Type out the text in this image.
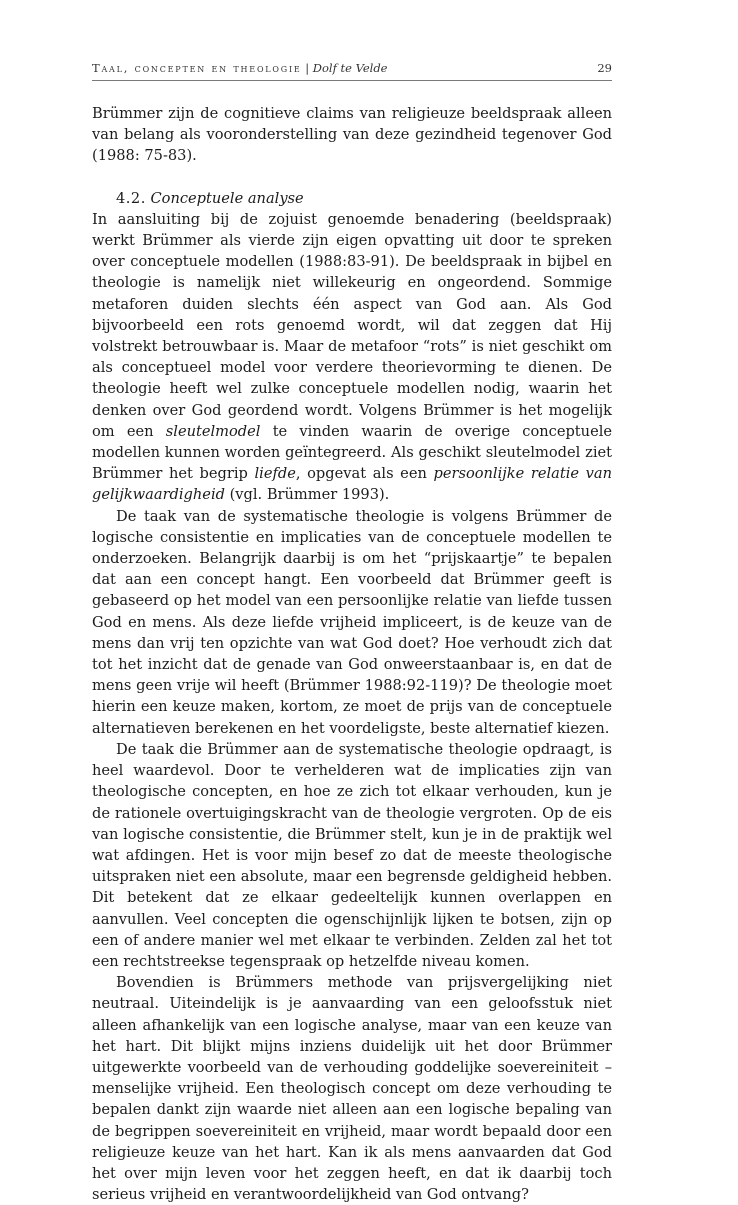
Taal, concepten en theologie | Dolf te Velde	29

Brümmer zijn de cognitieve claims van religieuze beeldspraak alleen van belang als vooronderstelling van deze gezindheid tegenover God (1988: 75-83).

4.2. Conceptuele analyse

In aansluiting bij de zojuist genoemde benadering (beeldspraak) werkt Brümmer als vierde zijn eigen opvatting uit door te spreken over conceptuele modellen (1988:83-91). De beeldspraak in bijbel en theologie is namelijk niet willekeurig en ongeordend. Sommige metaforen duiden slechts één aspect van God aan. Als God bijvoorbeeld een rots genoemd wordt, wil dat zeggen dat Hij volstrekt betrouwbaar is. Maar de metafoor “rots” is niet geschikt om als conceptueel model voor verdere theorievorming te dienen. De theologie heeft wel zulke conceptuele modellen nodig, waarin het denken over God geordend wordt. Volgens Brümmer is het mogelijk om een sleutelmodel te vinden waarin de overige conceptuele modellen kunnen worden geïntegreerd. Als geschikt sleutelmodel ziet Brümmer het begrip liefde, opgevat als een persoonlijke relatie van gelijkwaardigheid (vgl. Brümmer 1993).

De taak van de systematische theologie is volgens Brümmer de logische consistentie en implicaties van de conceptuele modellen te onderzoeken. Belangrijk daarbij is om het “prijskaartje” te bepalen dat aan een concept hangt. Een voorbeeld dat Brümmer geeft is gebaseerd op het model van een persoonlijke relatie van liefde tussen God en mens. Als deze liefde vrijheid impliceert, is de keuze van de mens dan vrij ten opzichte van wat God doet? Hoe verhoudt zich dat tot het inzicht dat de genade van God onweerstaanbaar is, en dat de mens geen vrije wil heeft (Brümmer 1988:92-119)? De theologie moet hierin een keuze maken, kortom, ze moet de prijs van de conceptuele alternatieven berekenen en het voordeligste, beste alternatief kiezen.

De taak die Brümmer aan de systematische theologie opdraagt, is heel waardevol. Door te verhelderen wat de implicaties zijn van theologische concepten, en hoe ze zich tot elkaar verhouden, kun je de rationele overtuigingskracht van de theologie vergroten. Op de eis van logische consistentie, die Brümmer stelt, kun je in de praktijk wel wat afdingen. Het is voor mijn besef zo dat de meeste theologische uitspraken niet een absolute, maar een begrensde geldigheid hebben. Dit betekent dat ze elkaar gedeeltelijk kunnen overlappen en aanvullen. Veel concepten die ogenschijnlijk lijken te botsen, zijn op een of andere manier wel met elkaar te verbinden. Zelden zal het tot een rechtstreekse tegenspraak op hetzelfde niveau komen.

Bovendien is Brümmers methode van prijsvergelijking niet neutraal. Uiteindelijk is je aanvaarding van een geloofsstuk niet alleen afhankelijk van een logische analyse, maar van een keuze van het hart. Dit blijkt mijns inziens duidelijk uit het door Brümmer uitgewerkte voorbeeld van de verhouding goddelijke soevereiniteit – menselijke vrijheid. Een theologisch concept om deze verhouding te bepalen dankt zijn waarde niet alleen aan een logische bepaling van de begrippen soevereiniteit en vrijheid, maar wordt bepaald door een religieuze keuze van het hart. Kan ik als mens aanvaarden dat God het over mijn leven voor het zeggen heeft, en dat ik daarbij toch serieus vrijheid en verantwoordelijkheid van God ontvang?
